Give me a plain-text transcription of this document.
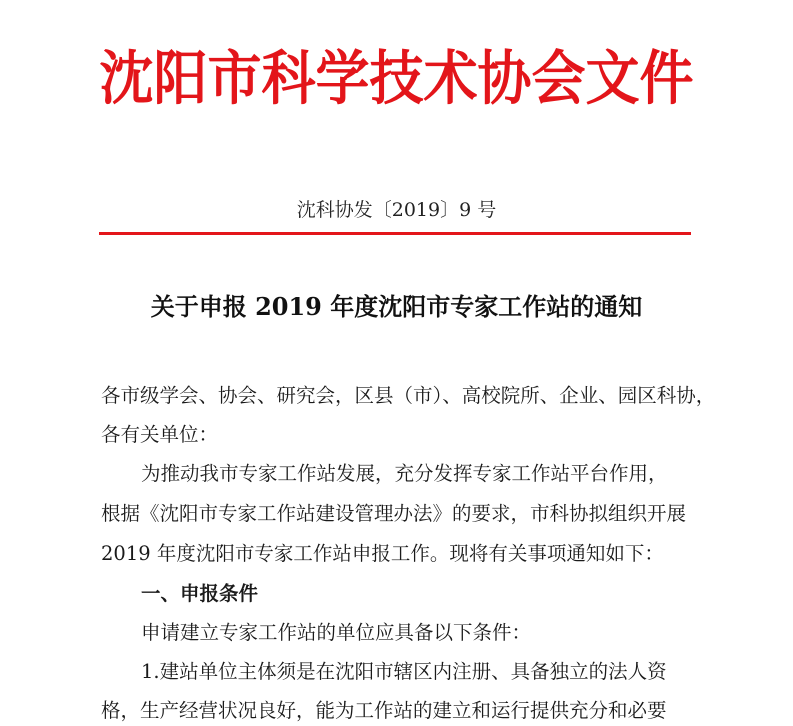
沈阳市科学技术协会文件
沈科协发〔2019〕9 号
关于申报 2019 年度沈阳市专家工作站的通知
各市级学会、协会、研究会，区县（市）、高校院所、企业、园区科协，
各有关单位：
为推动我市专家工作站发展，充分发挥专家工作站平台作用，
根据《沈阳市专家工作站建设管理办法》的要求，市科协拟组织开展
2019 年度沈阳市专家工作站申报工作。现将有关事项通知如下：
一、申报条件
申请建立专家工作站的单位应具备以下条件：
1.建站单位主体须是在沈阳市辖区内注册、具备独立的法人资
格，生产经营状况良好，能为工作站的建立和运行提供充分和必要
